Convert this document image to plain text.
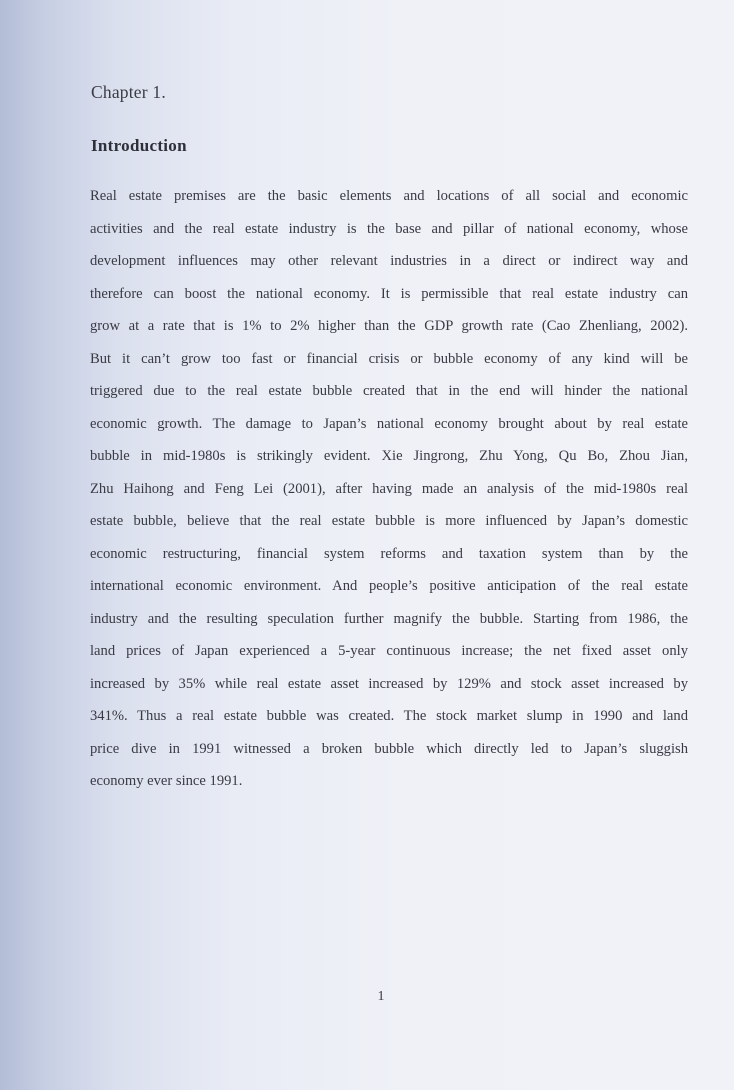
Chapter 1.
Introduction
Real estate premises are the basic elements and locations of all social and economic
activities and the real estate industry is the base and pillar of national economy, whose
development influences may other relevant industries in a direct or indirect way and
therefore can boost the national economy. It is permissible that real estate industry can
grow at a rate that is 1% to 2% higher than the GDP growth rate (Cao Zhenliang, 2002).
But it can’t grow too fast or financial crisis or bubble economy of any kind will be
triggered due to the real estate bubble created that in the end will hinder the national
economic growth. The damage to Japan’s national economy brought about by real estate
bubble in mid-1980s is strikingly evident. Xie Jingrong, Zhu Yong, Qu Bo, Zhou Jian,
Zhu Haihong and Feng Lei (2001), after having made an analysis of the mid-1980s real
estate bubble, believe that the real estate bubble is more influenced by Japan’s domestic
economic restructuring, financial system reforms and taxation system than by the
international economic environment. And people’s positive anticipation of the real estate
industry and the resulting speculation further magnify the bubble. Starting from 1986, the
land prices of Japan experienced a 5-year continuous increase; the net fixed asset only
increased by 35% while real estate asset increased by 129% and stock asset increased by
341%. Thus a real estate bubble was created. The stock market slump in 1990 and land
price dive in 1991 witnessed a broken bubble which directly led to Japan’s sluggish
economy ever since 1991.
1
